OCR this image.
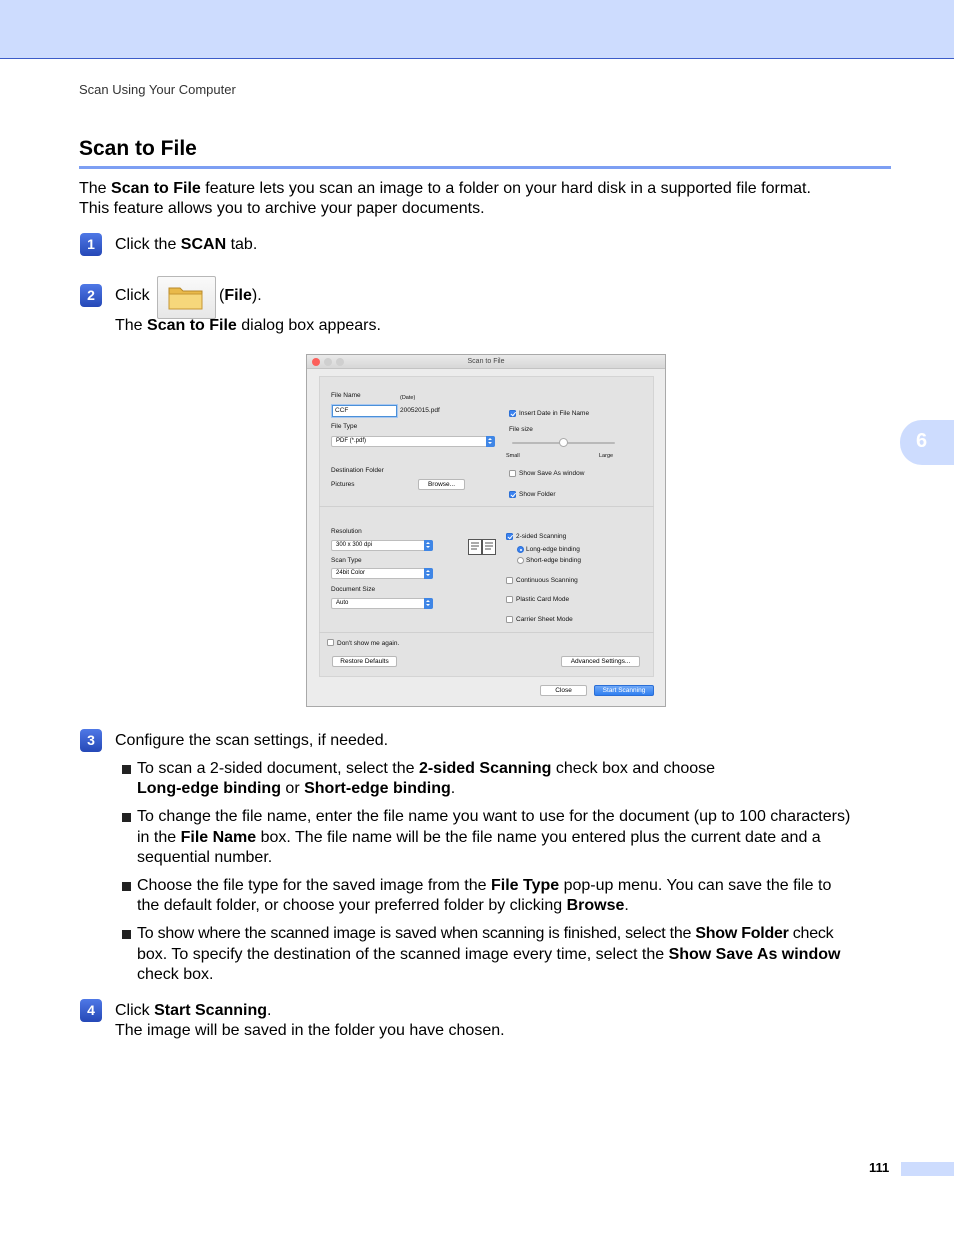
Scan Using Your Computer
Scan to File
6
The Scan to File feature lets you scan an image to a folder on your hard disk in a supported file format.
This feature allows you to archive your paper documents.
1	Click the SCAN tab.
2	Click	(File).
The Scan to File dialog box appears.
Scan to File
File Name	(Date)
CCF	20052015.pdf	Insert Date in File Name
File Type
PDF (*.pdf)
File size
Small	Large
Destination Folder
Pictures	Browse...
Show Save As window
Show Folder
Resolution
300 x 300 dpi
Scan Type
24bit Color
Document Size
Auto
2-sided Scanning
Long-edge binding
Short-edge binding
Continuous Scanning
Plastic Card Mode
Carrier Sheet Mode
Don't show me again.
Restore Defaults	Advanced Settings...
Close	Start Scanning
3	Configure the scan settings, if needed.
To scan a 2-sided document, select the 2-sided Scanning check box and choose
Long-edge binding or Short-edge binding.
To change the file name, enter the file name you want to use for the document (up to 100 characters)
in the File Name box. The file name will be the file name you entered plus the current date and a
sequential number.
Choose the file type for the saved image from the File Type pop-up menu. You can save the file to
the default folder, or choose your preferred folder by clicking Browse.
To show where the scanned image is saved when scanning is finished, select the Show Folder check
box. To specify the destination of the scanned image every time, select the Show Save As window
check box.
4	Click Start Scanning.
The image will be saved in the folder you have chosen.
111
